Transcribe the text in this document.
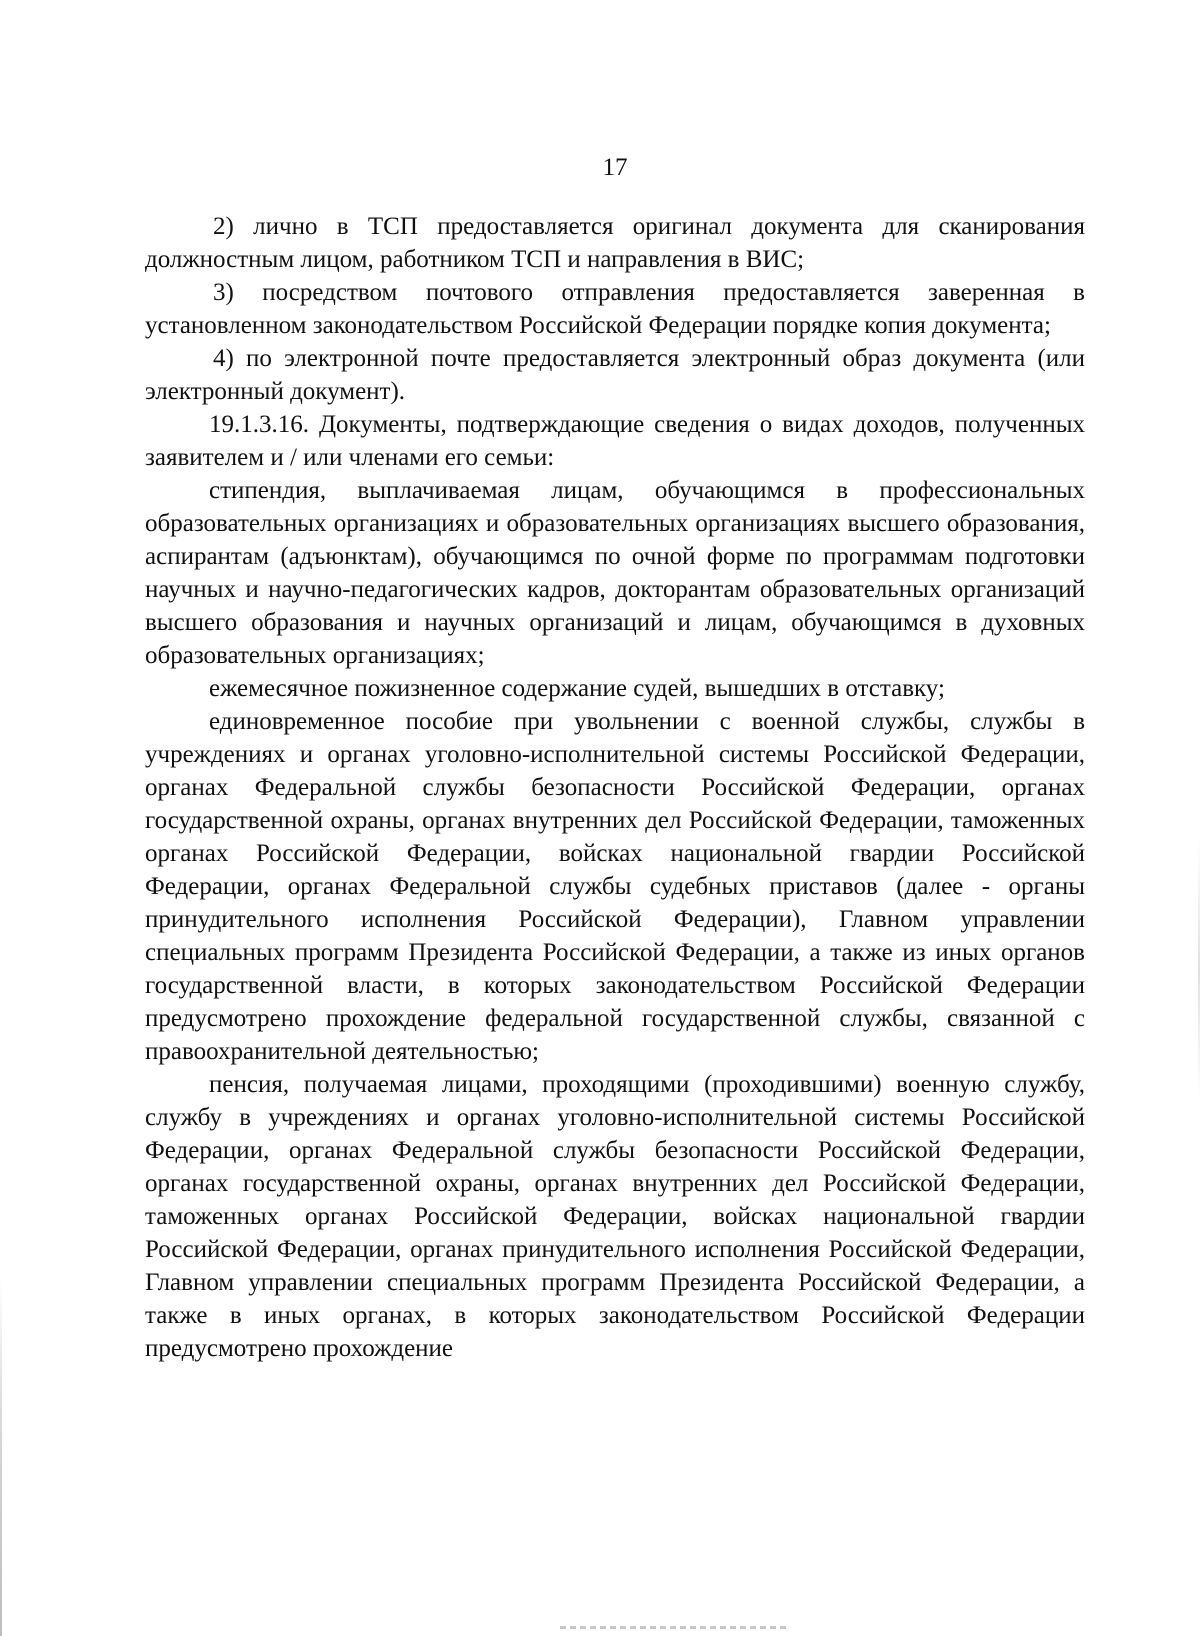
17

2) лично в ТСП предоставляется оригинал документа для сканирования должностным лицом, работником ТСП и направления в ВИС;

3) посредством почтового отправления предоставляется заверенная в установленном законодательством Российской Федерации порядке копия документа;

4) по электронной почте предоставляется электронный образ документа (или электронный документ).

19.1.3.16. Документы, подтверждающие сведения о видах доходов, полученных заявителем и / или членами его семьи:

стипендия, выплачиваемая лицам, обучающимся в профессиональных образовательных организациях и образовательных организациях высшего образования, аспирантам (адъюнктам), обучающимся по очной форме по программам подготовки научных и научно-педагогических кадров, докторантам образовательных организаций высшего образования и научных организаций и лицам, обучающимся в духовных образовательных организациях;

ежемесячное пожизненное содержание судей, вышедших в отставку;

единовременное пособие при увольнении с военной службы, службы в учреждениях и органах уголовно-исполнительной системы Российской Федерации, органах Федеральной службы безопасности Российской Федерации, органах государственной охраны, органах внутренних дел Российской Федерации, таможенных органах Российской Федерации, войсках национальной гвардии Российской Федерации, органах Федеральной службы судебных приставов (далее - органы принудительного исполнения Российской Федерации), Главном управлении специальных программ Президента Российской Федерации, а также из иных органов государственной власти, в которых законодательством Российской Федерации предусмотрено прохождение федеральной государственной службы, связанной с правоохранительной деятельностью;

пенсия, получаемая лицами, проходящими (проходившими) военную службу, службу в учреждениях и органах уголовно-исполнительной системы Российской Федерации, органах Федеральной службы безопасности Российской Федерации, органах государственной охраны, органах внутренних дел Российской Федерации, таможенных органах Российской Федерации, войсках национальной гвардии Российской Федерации, органах принудительного исполнения Российской Федерации, Главном управлении специальных программ Президента Российской Федерации, а также в иных органах, в которых законодательством Российской Федерации предусмотрено прохождение
